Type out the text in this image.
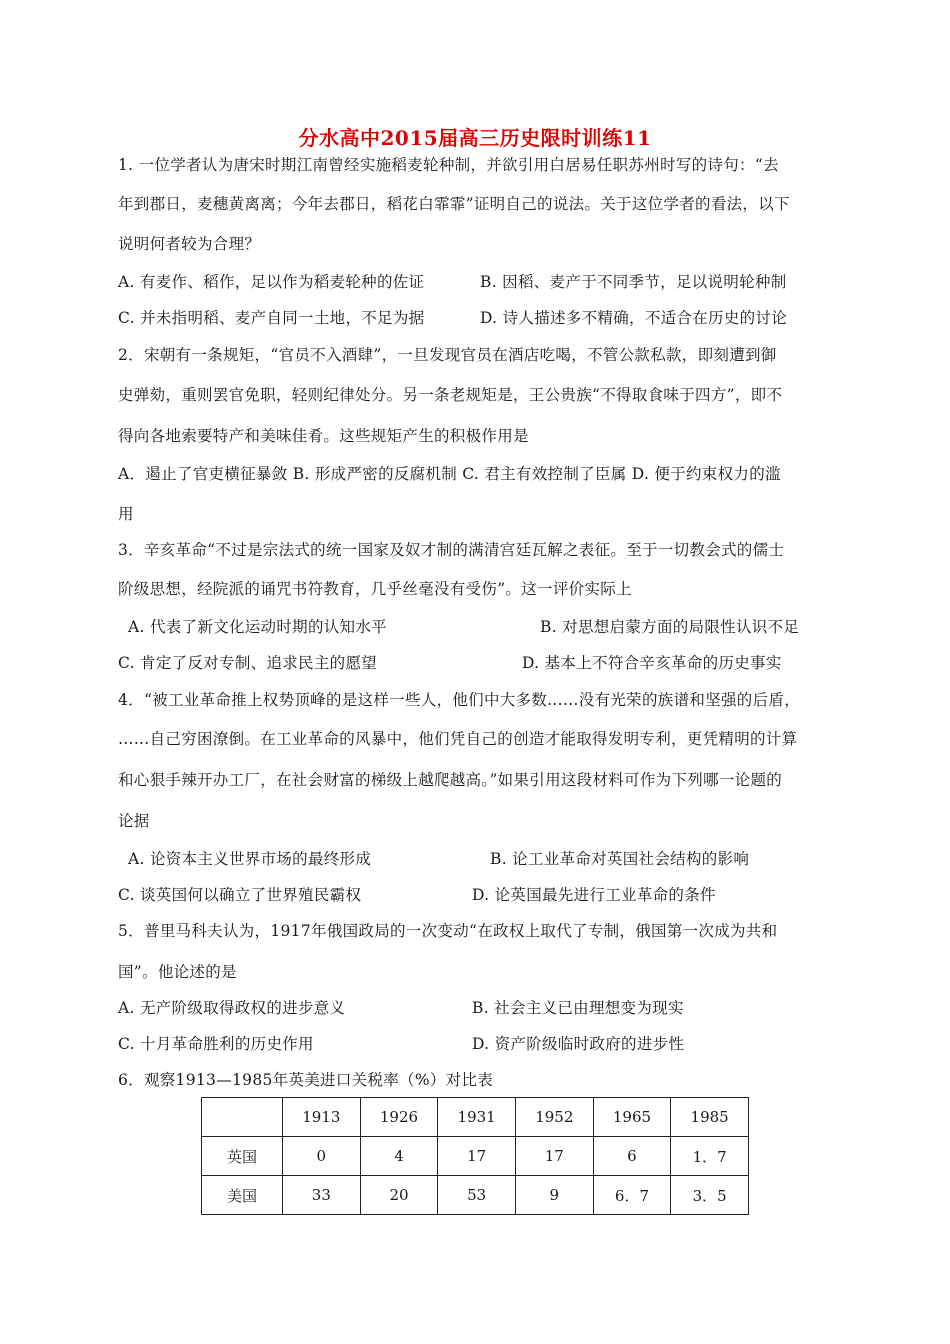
分水高中2015届高三历史限时训练11
1. 一位学者认为唐宋时期江南曾经实施稻麦轮种制，并欲引用白居易任职苏州时写的诗句：“去
年到郡日，麦穗黄离离；今年去郡日，稻花白霏霏”证明自己的说法。关于这位学者的看法，以下
说明何者较为合理？
A. 有麦作、稻作，足以作为稻麦轮种的佐证	B. 因稻、麦产于不同季节，足以说明轮种制
C. 并未指明稻、麦产自同一土地，不足为据	D. 诗人描述多不精确，不适合在历史的讨论
2．宋朝有一条规矩，“官员不入酒肆”，一旦发现官员在酒店吃喝，不管公款私款，即刻遭到御
史弹劾，重则罢官免职，轻则纪律处分。另一条老规矩是，王公贵族“不得取食味于四方”，即不
得向各地索要特产和美味佳肴。这些规矩产生的积极作用是
A．遏止了官吏横征暴敛 B. 形成严密的反腐机制 C. 君主有效控制了臣属 D. 便于约束权力的滥
用
3．辛亥革命“不过是宗法式的统一国家及奴才制的满清宫廷瓦解之表征。至于一切教会式的儒士
阶级思想，经院派的诵咒书符教育，几乎丝毫没有受伤”。这一评价实际上
A. 代表了新文化运动时期的认知水平	B. 对思想启蒙方面的局限性认识不足
C. 肯定了反对专制、追求民主的愿望	D. 基本上不符合辛亥革命的历史事实
4．“被工业革命推上权势顶峰的是这样一些人，他们中大多数……没有光荣的族谱和坚强的后盾，
……自己穷困潦倒。在工业革命的风暴中，他们凭自己的创造才能取得发明专利，更凭精明的计算
和心狠手辣开办工厂，在社会财富的梯级上越爬越高。”如果引用这段材料可作为下列哪一论题的
论据
A. 论资本主义世界市场的最终形成	B. 论工业革命对英国社会结构的影响
C. 谈英国何以确立了世界殖民霸权	D. 论英国最先进行工业革命的条件
5．普里马科夫认为，1917年俄国政局的一次变动“在政权上取代了专制，俄国第一次成为共和
国”。他论述的是
A. 无产阶级取得政权的进步意义	B. 社会主义已由理想变为现实
C. 十月革命胜利的历史作用	D. 资产阶级临时政府的进步性
6．观察1913—1985年英美进口关税率（%）对比表
	1913	1926	1931	1952	1965	1985
英国	0	4	17	17	6	1．7
美国	33	20	53	9	6．7	3．5
